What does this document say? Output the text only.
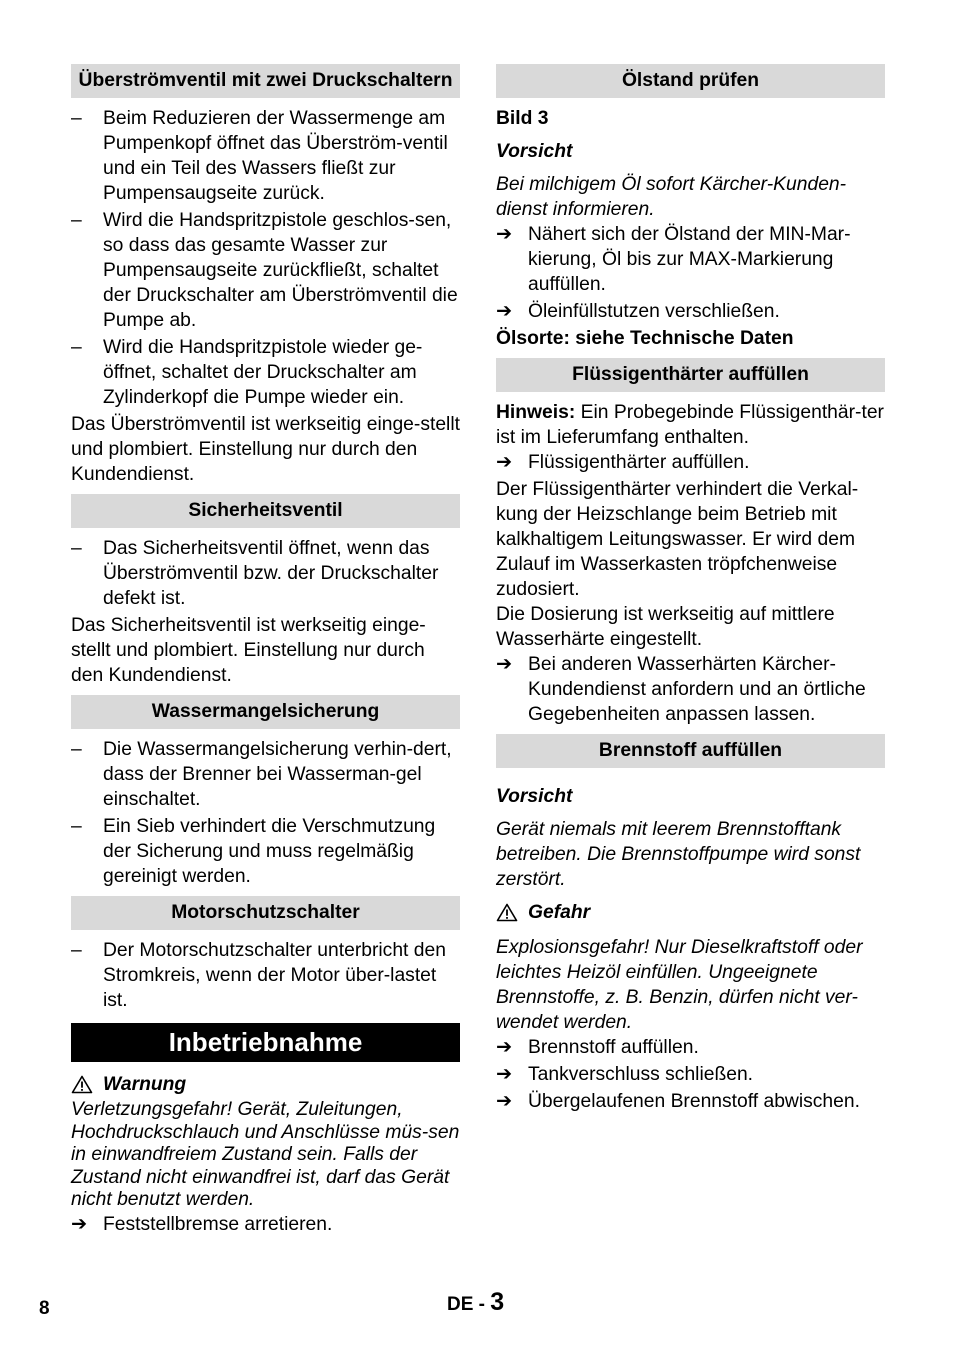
Überströmventil mit zwei Druckschaltern
–	Beim Reduzieren der Wassermenge am Pumpenkopf öffnet das Überström-ventil und ein Teil des Wassers fließt zur Pumpensaugseite zurück.
–	Wird die Handspritzpistole geschlos-sen, so dass das gesamte Wasser zur Pumpensaugseite zurückfließt, schaltet der Druckschalter am Überströmventil die Pumpe ab.
–	Wird die Handspritzpistole wieder ge-öffnet, schaltet der Druckschalter am Zylinderkopf die Pumpe wieder ein.

Das Überströmventil ist werkseitig einge-stellt und plombiert. Einstellung nur durch den Kundendienst.

Sicherheitsventil
–	Das Sicherheitsventil öffnet, wenn das Überströmventil bzw. der Druckschalter defekt ist.

Das Sicherheitsventil ist werkseitig einge-stellt und plombiert. Einstellung nur durch den Kundendienst.

Wassermangelsicherung
–	Die Wassermangelsicherung verhin-dert, dass der Brenner bei Wasserman-gel einschaltet.
–	Ein Sieb verhindert die Verschmutzung der Sicherung und muss regelmäßig gereinigt werden.
Motorschutzschalter
–	Der Motorschutzschalter unterbricht den Stromkreis, wenn der Motor über-lastet ist.
Inbetriebnahme
Warnung

Verletzungsgefahr! Gerät, Zuleitungen, Hochdruckschlauch und Anschlüsse müs-sen in einwandfreiem Zustand sein. Falls der Zustand nicht einwandfrei ist, darf das Gerät nicht benutzt werden.

➔ Feststellbremse arretieren.
Ölstand prüfen

Bild 3

Vorsicht

Bei milchigem Öl sofort Kärcher-Kunden-dienst informieren.

➔ Nähert sich der Ölstand der MIN-Mar-kierung, Öl bis zur MAX-Markierung auffüllen.
➔ Öleinfüllstutzen verschließen.

Ölsorte: siehe Technische Daten

Flüssigenthärter auffüllen

Hinweis: Ein Probegebinde Flüssigenthär-ter ist im Lieferumfang enthalten.

➔ Flüssigenthärter auffüllen.

Der Flüssigenthärter verhindert die Verkal-kung der Heizschlange beim Betrieb mit kalkhaltigem Leitungswasser. Er wird dem Zulauf im Wasserkasten tröpfchenweise zudosiert.

Die Dosierung ist werkseitig auf mittlere Wasserhärte eingestellt.

➔ Bei anderen Wasserhärten Kärcher-Kundendienst anfordern und an örtliche Gegebenheiten anpassen lassen.
Brennstoff auffüllen

Vorsicht

Gerät niemals mit leerem Brennstofftank betreiben. Die Brennstoffpumpe wird sonst zerstört.

Gefahr

Explosionsgefahr! Nur Dieselkraftstoff oder leichtes Heizöl einfüllen. Ungeeignete Brennstoffe, z. B. Benzin, dürfen nicht ver-wendet werden.

➔ Brennstoff auffüllen.
➔ Tankverschluss schließen.
➔ Übergelaufenen Brennstoff abwischen.
8	DE - 3
